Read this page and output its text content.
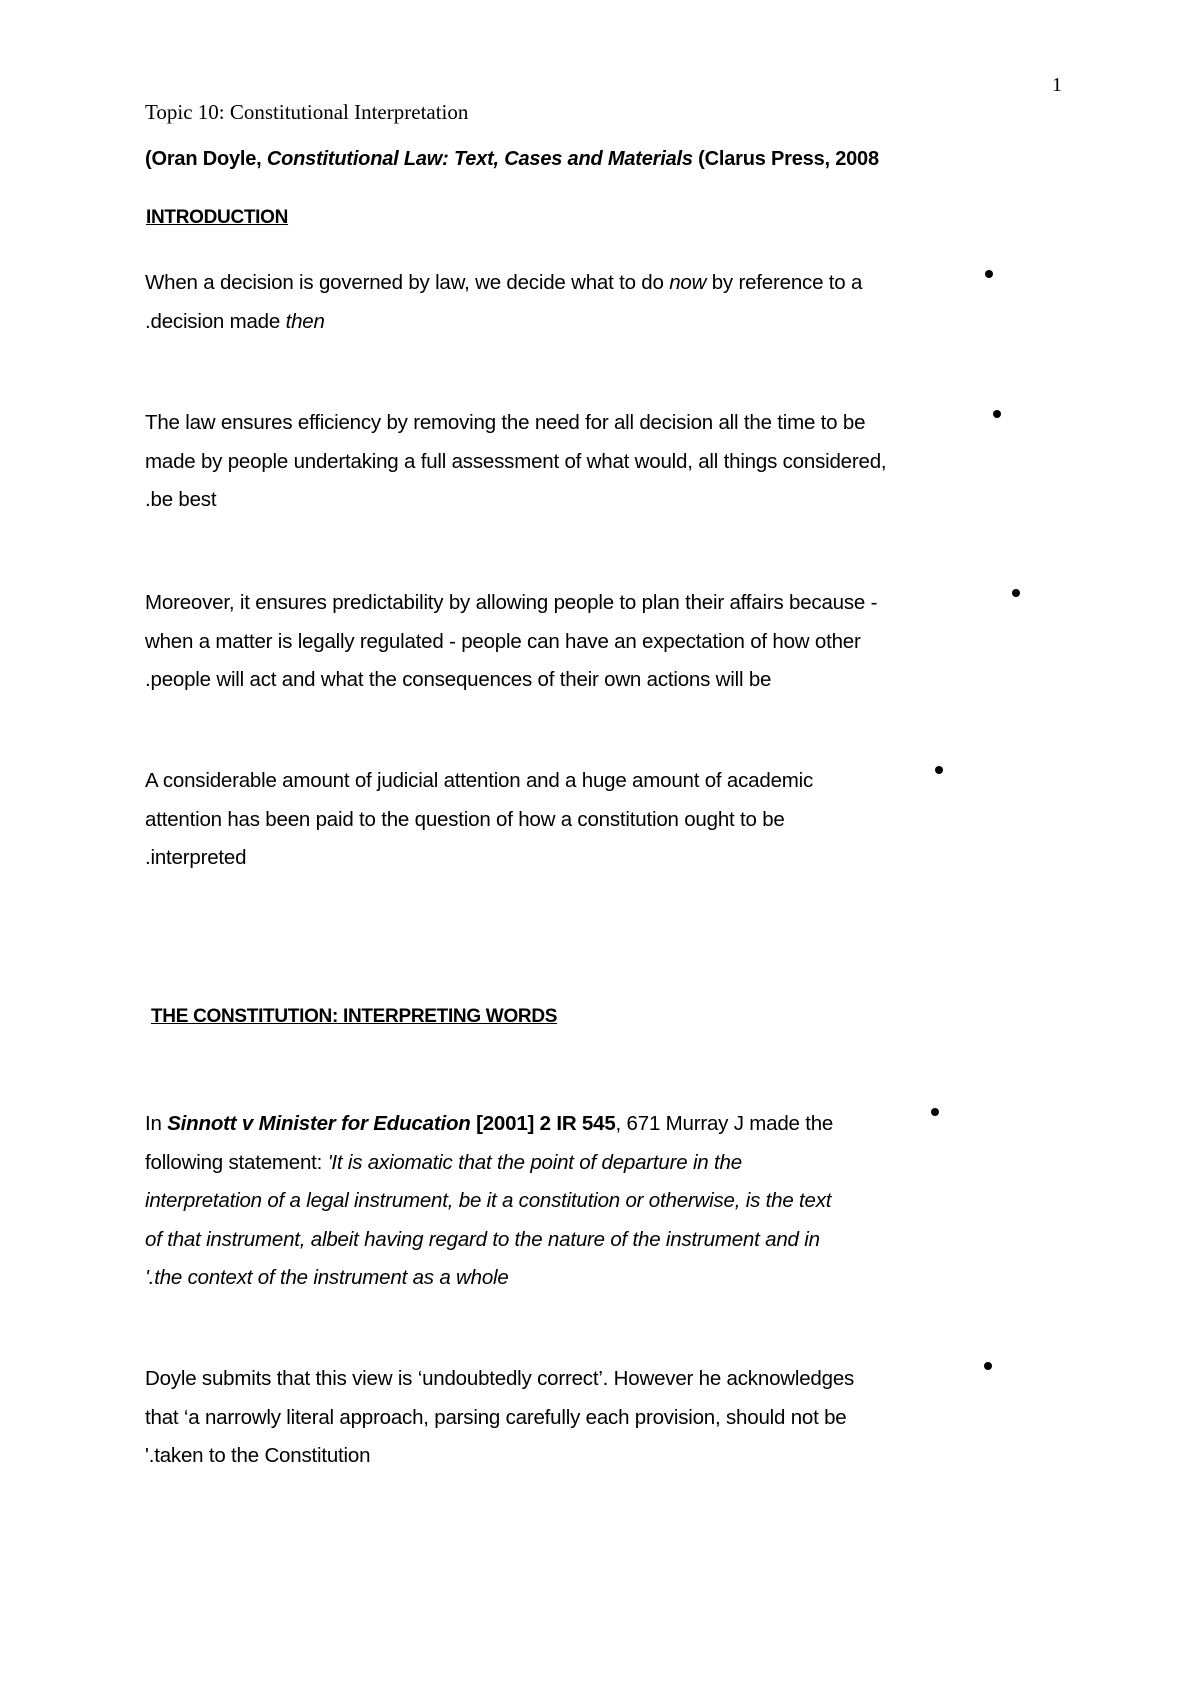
1
Topic 10: Constitutional Interpretation
(Oran Doyle, Constitutional Law: Text, Cases and Materials (Clarus Press, 2008
INTRODUCTION

When a decision is governed by law, we decide what to do now by reference to a

.decision made then

The law ensures efficiency by removing the need for all decision all the time to be

made by people undertaking a full assessment of what would, all things considered,

.be best

Moreover, it ensures predictability by allowing people to plan their affairs because -

when a matter is legally regulated - people can have an expectation of how other

.people will act and what the consequences of their own actions will be

A considerable amount of judicial attention and a huge amount of academic

attention has been paid to the question of how a constitution ought to be

.interpreted

THE CONSTITUTION: INTERPRETING WORDS

In Sinnott v Minister for Education [2001] 2 IR 545, 671 Murray J made the

following statement: 'It is axiomatic that the point of departure in the

interpretation of a legal instrument, be it a constitution or otherwise, is the text

of that instrument, albeit having regard to the nature of the instrument and in

'.the context of the instrument as a whole

Doyle submits that this view is ‘undoubtedly correct’. However he acknowledges

that ‘a narrowly literal approach, parsing carefully each provision, should not be

'.taken to the Constitution
